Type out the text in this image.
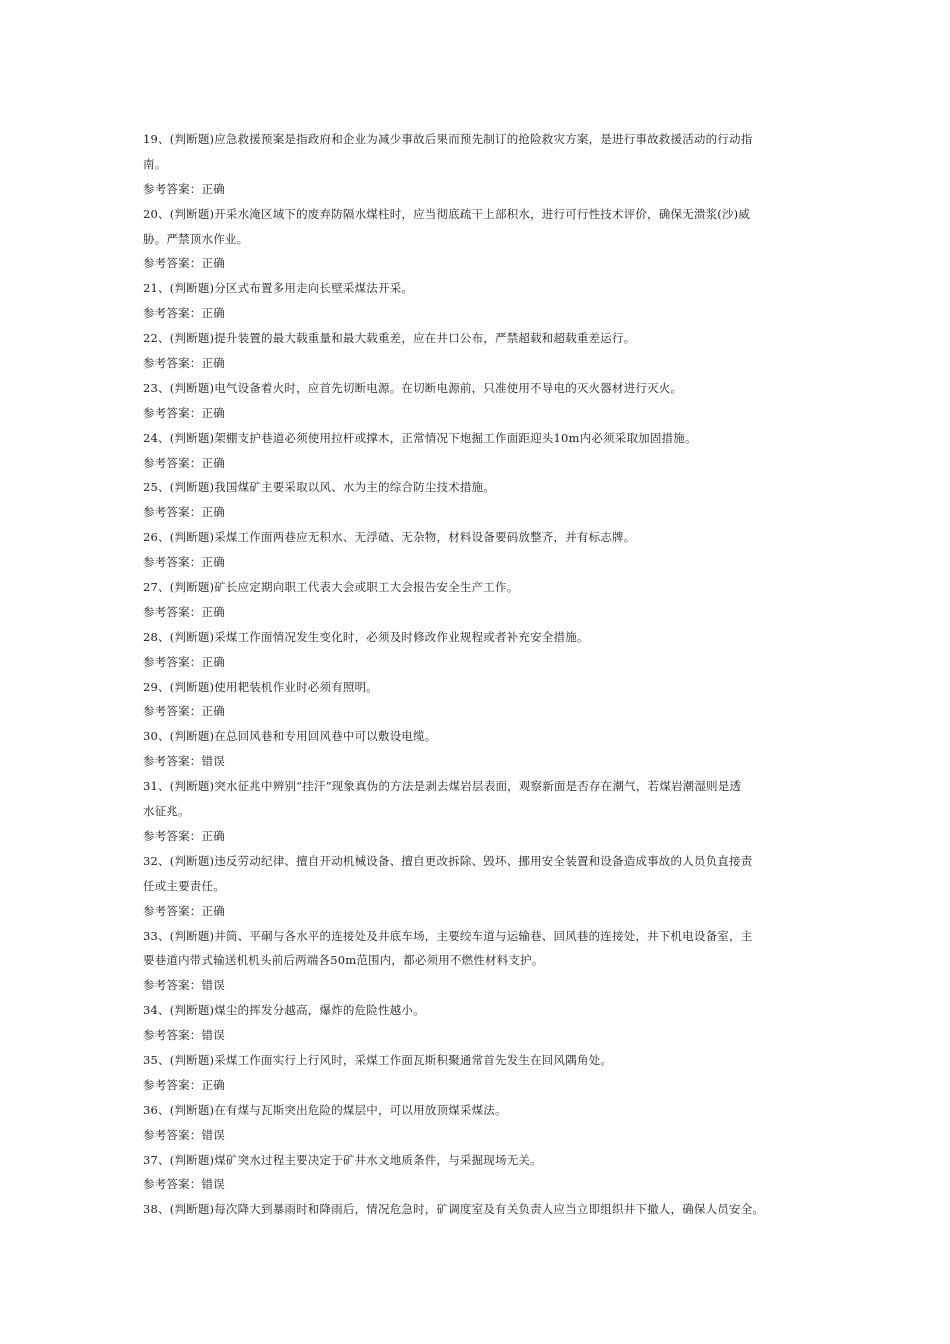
19、(判断题)应急救援预案是指政府和企业为减少事故后果而预先制订的抢险救灾方案，是进行事故救援活动的行动指
南。
参考答案：正确
20、(判断题)开采水淹区域下的废弃防隔水煤柱时，应当彻底疏干上部积水，进行可行性技术评价，确保无溃浆(沙)威
胁。严禁顶水作业。
参考答案：正确
21、(判断题)分区式布置多用走向长壁采煤法开采。
参考答案：正确
22、(判断题)提升装置的最大载重量和最大载重差，应在井口公布，严禁超载和超载重差运行。
参考答案：正确
23、(判断题)电气设备着火时，应首先切断电源。在切断电源前，只准使用不导电的灭火器材进行灭火。
参考答案：正确
24、(判断题)架棚支护巷道必须使用拉杆或撑木，正常情况下炮掘工作面距迎头10m内必须采取加固措施。
参考答案：正确
25、(判断题)我国煤矿主要采取以风、水为主的综合防尘技术措施。
参考答案：正确
26、(判断题)采煤工作面两巷应无积水、无浮碴、无杂物，材料设备要码放整齐，并有标志牌。
参考答案：正确
27、(判断题)矿长应定期向职工代表大会或职工大会报告安全生产工作。
参考答案：正确
28、(判断题)采煤工作面情况发生变化时，必须及时修改作业规程或者补充安全措施。
参考答案：正确
29、(判断题)使用耙装机作业时必须有照明。
参考答案：正确
30、(判断题)在总回风巷和专用回风巷中可以敷设电缆。
参考答案：错误
31、(判断题)突水征兆中辨别“挂汗”现象真伪的方法是剥去煤岩层表面，观察新面是否存在潮气，若煤岩潮湿则是透
水征兆。
参考答案：正确
32、(判断题)违反劳动纪律、擅自开动机械设备、擅自更改拆除、毁坏、挪用安全装置和设备造成事故的人员负直接责
任或主要责任。
参考答案：正确
33、(判断题)井筒、平硐与各水平的连接处及井底车场，主要绞车道与运输巷、回风巷的连接处，井下机电设备室，主
要巷道内带式输送机机头前后两端各50m范围内，都必须用不燃性材料支护。
参考答案：错误
34、(判断题)煤尘的挥发分越高，爆炸的危险性越小。
参考答案：错误
35、(判断题)采煤工作面实行上行风时，采煤工作面瓦斯积聚通常首先发生在回风隅角处。
参考答案：正确
36、(判断题)在有煤与瓦斯突出危险的煤层中，可以用放顶煤采煤法。
参考答案：错误
37、(判断题)煤矿突水过程主要决定于矿井水文地质条件，与采掘现场无关。
参考答案：错误
38、(判断题)每次降大到暴雨时和降雨后，情况危急时，矿调度室及有关负责人应当立即组织井下撤人，确保人员安全。
